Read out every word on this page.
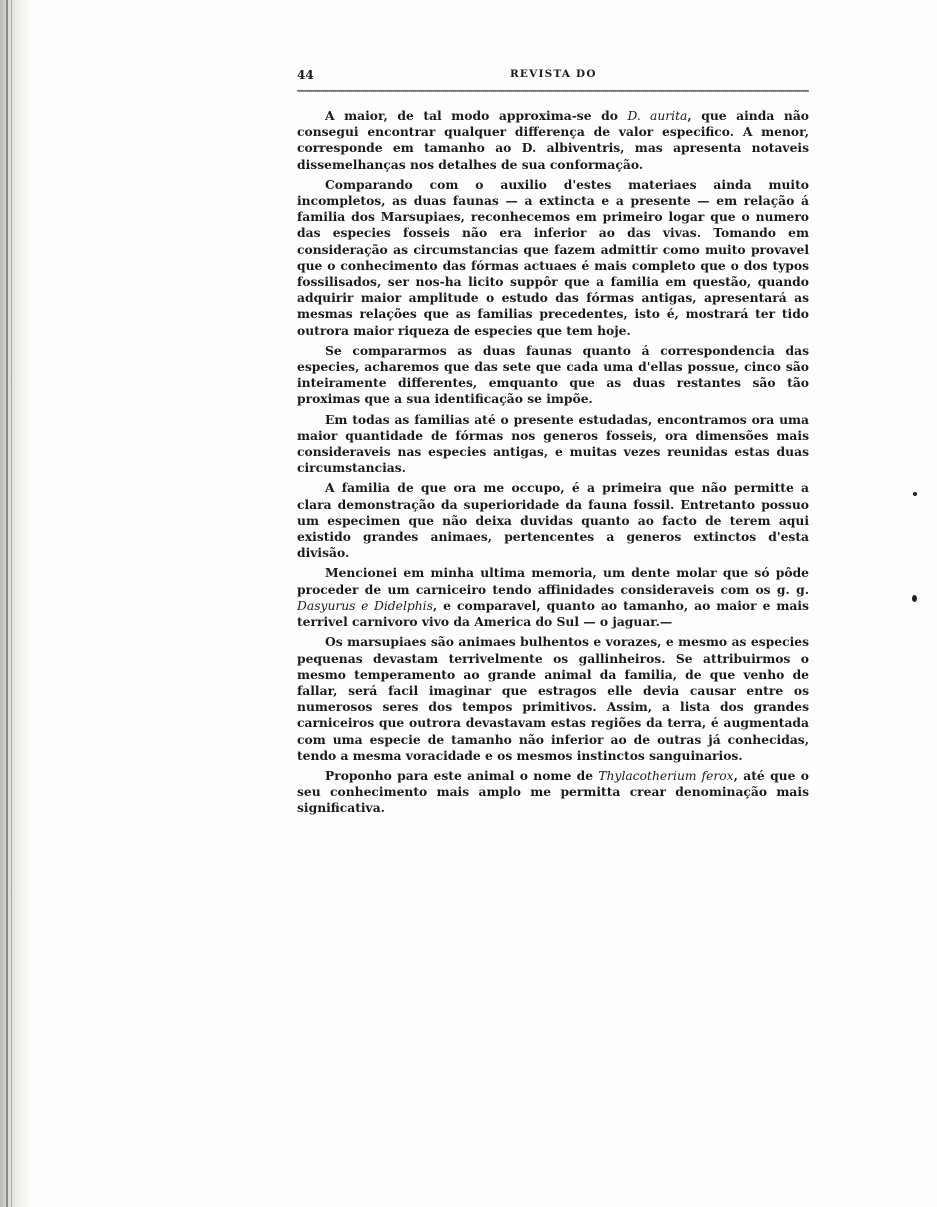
44	REVISTA DO

A maior, de tal modo approxima-se do D. aurita, que ainda não consegui encontrar qualquer differença de valor especifico. A menor, corresponde em tamanho ao D. albiventris, mas apresenta notaveis dissemelhanças nos detalhes de sua conformação.

Comparando com o auxilio d'estes materiaes ainda muito incompletos, as duas faunas — a extincta e a presente — em relação á familia dos Marsupiaes, reconhecemos em primeiro logar que o numero das especies fosseis não era inferior ao das vivas. Tomando em consideração as circumstancias que fazem admittir como muito provavel que o conhecimento das fórmas actuaes é mais completo que o dos typos fossilisados, ser nos-ha licito suppôr que a familia em questão, quando adquirir maior amplitude o estudo das fórmas antigas, apresentará as mesmas relações que as familias precedentes, isto é, mostrará ter tido outrora maior riqueza de especies que tem hoje.

Se compararmos as duas faunas quanto á correspondencia das especies, acharemos que das sete que cada uma d'ellas possue, cinco são inteiramente differentes, emquanto que as duas restantes são tão proximas que a sua identificação se impõe.

Em todas as familias até o presente estudadas, encontramos ora uma maior quantidade de fórmas nos generos fosseis, ora dimensões mais consideraveis nas especies antigas, e muitas vezes reunidas estas duas circumstancias.

A familia de que ora me occupo, é a primeira que não permitte a clara demonstração da superioridade da fauna fossil. Entretanto possuo um especimen que não deixa duvidas quanto ao facto de terem aqui existido grandes animaes, pertencentes a generos extinctos d'esta divisão.

Mencionei em minha ultima memoria, um dente molar que só pôde proceder de um carniceiro tendo affinidades consideraveis com os g. g. Dasyurus e Didelphis, e comparavel, quanto ao tamanho, ao maior e mais terrivel carnivoro vivo da America do Sul — o jaguar.—

Os marsupiaes são animaes bulhentos e vorazes, e mesmo as especies pequenas devastam terrivelmente os gallinheiros. Se attribuirmos o mesmo temperamento ao grande animal da familia, de que venho de fallar, será facil imaginar que estragos elle devia causar entre os numerosos seres dos tempos primitivos. Assim, a lista dos grandes carniceiros que outrora devastavam estas regiões da terra, é augmentada com uma especie de tamanho não inferior ao de outras já conhecidas, tendo a mesma voracidade e os mesmos instinctos sanguinarios.

Proponho para este animal o nome de Thylacotherium ferox, até que o seu conhecimento mais amplo me permitta crear denominação mais significativa.
